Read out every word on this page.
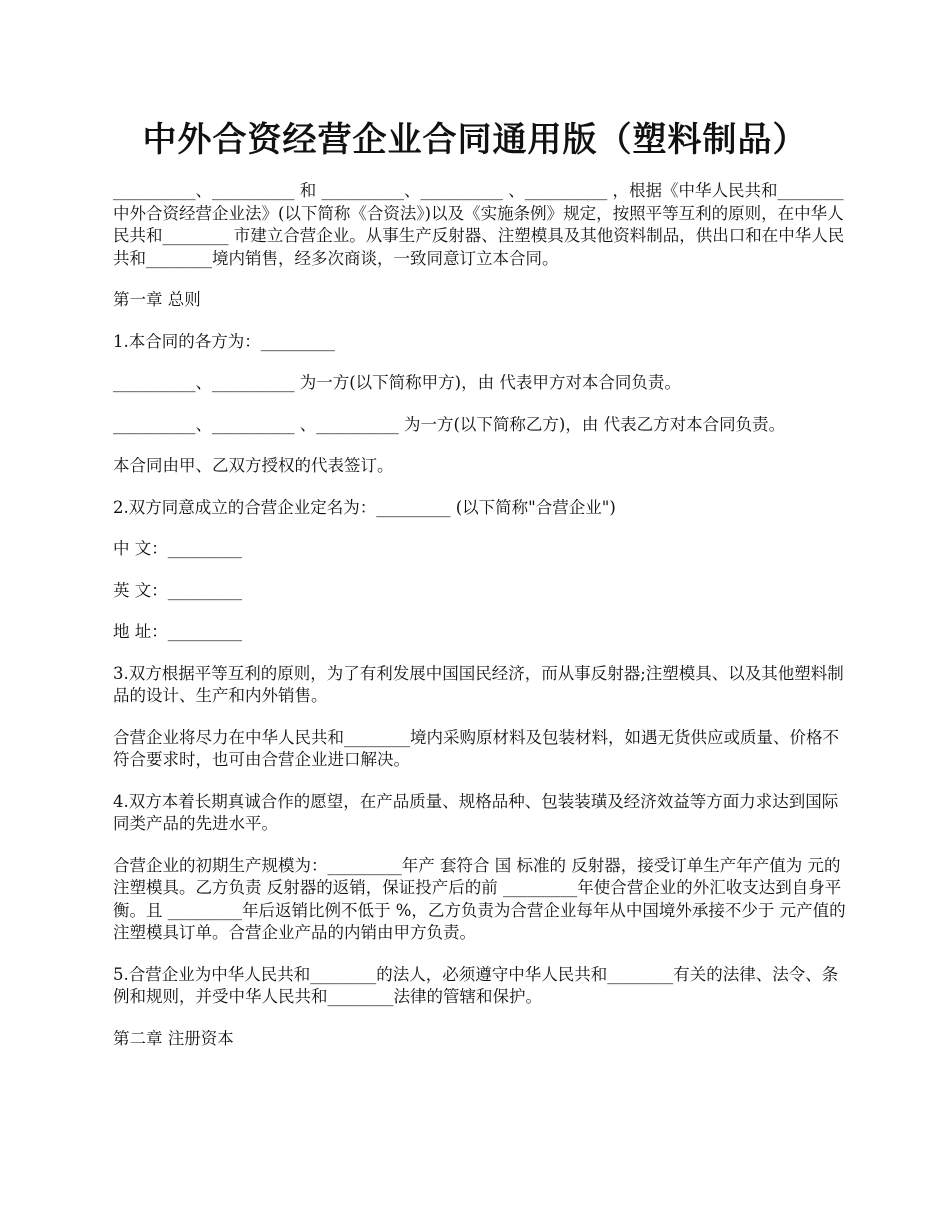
中外合资经营企业合同通用版（塑料制品）

__________、__________ 和 __________、__________ 、__________ ，根据《中华人民共和________中外合资经营企业法》(以下简称《合资法》)以及《实施条例》规定，按照平等互利的原则，在中华人民共和________ 市建立合营企业。从事生产反射器、注塑模具及其他资料制品，供出口和在中华人民共和________境内销售，经多次商谈，一致同意订立本合同。

第一章 总则

1.本合同的各方为：_________

__________、__________ 为一方(以下简称甲方)，由 代表甲方对本合同负责。

__________、__________ 、__________ 为一方(以下简称乙方)，由 代表乙方对本合同负责。

本合同由甲、乙双方授权的代表签订。

2.双方同意成立的合营企业定名为：_________ (以下简称"合营企业")

中 文：_________

英 文：_________

地 址：_________

3.双方根据平等互利的原则，为了有利发展中国国民经济，而从事反射器;注塑模具、以及其他塑料制品的设计、生产和内外销售。

合营企业将尽力在中华人民共和________境内采购原材料及包装材料，如遇无货供应或质量、价格不符合要求时，也可由合营企业进口解决。

4.双方本着长期真诚合作的愿望，在产品质量、规格品种、包装装璜及经济效益等方面力求达到国际同类产品的先进水平。

合营企业的初期生产规模为：_________年产 套符合 国 标准的 反射器，接受订单生产年产值为 元的注塑模具。乙方负责 反射器的返销，保证投产后的前 _________年使合营企业的外汇收支达到自身平衡。且 _________年后返销比例不低于 %，乙方负责为合营企业每年从中国境外承接不少于 元产值的注塑模具订单。合营企业产品的内销由甲方负责。

5.合营企业为中华人民共和________的法人，必须遵守中华人民共和________有关的法律、法令、条例和规则，并受中华人民共和________法律的管辖和保护。

第二章 注册资本
